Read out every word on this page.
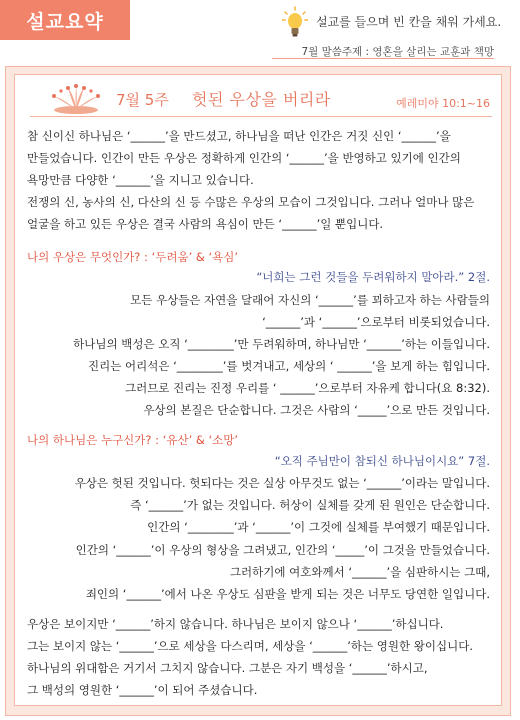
설교요약	설교를 들으며 빈 칸을 채워 가세요.
7월 말씀주제 : 영혼을 살리는 교훈과 책망
7월 5주 헛된 우상을 버리라	예레미야 10:1~16
참 신이신 하나님은 ‘______’을 만드셨고, 하나님을 떠난 인간은 거짓 신인 ‘______’을
만들었습니다. 인간이 만든 우상은 정확하게 인간의 ‘______’을 반영하고 있기에 인간의
욕망만큼 다양한 ‘______’을 지니고 있습니다.
전쟁의 신, 농사의 신, 다산의 신 등 수많은 우상의 모습이 그것입니다. 그러나 얼마나 많은
얼굴을 하고 있든 우상은 결국 사람의 욕심이 만든 ‘______’일 뿐입니다.
나의 우상은 무엇인가? : ‘두려움’ & ‘욕심’
“너희는 그런 것들을 두려워하지 말아라.” 2절.
모든 우상들은 자연을 달래어 자신의 ‘______’를 꾀하고자 하는 사람들의
‘______’과 ‘______’으로부터 비롯되었습니다.
하나님의 백성은 오직 ‘________’만 두려워하며, 하나님만 ‘______’하는 이들입니다.
진리는 어리석은 ‘________’를 벗겨내고, 세상의 ‘ ______’을 보게 하는 힘입니다.
그러므로 진리는 진정 우리를 ‘ ______’으로부터 자유케 합니다(요 8:32).
우상의 본질은 단순합니다. 그것은 사람의 ‘_____’으로 만든 것입니다.
나의 하나님은 누구신가? : ‘유산’ & ‘소망’
“오직 주님만이 참되신 하나님이시요” 7절.
우상은 헛된 것입니다. 헛되다는 것은 실상 아무것도 없는 ‘______’이라는 말입니다.
즉 ‘______’가 없는 것입니다. 허상이 실체를 갖게 된 원인은 단순합니다.
인간의 ‘________’과 ‘______’이 그것에 실체를 부여했기 때문입니다.
인간의 ‘______’이 우상의 형상을 그려냈고, 인간의 ‘_____’이 그것을 만들었습니다.
그러하기에 여호와께서 ‘______’을 심판하시는 그때,
죄인의 ‘______’에서 나온 우상도 심판을 받게 되는 것은 너무도 당연한 일입니다.
우상은 보이지만 ‘______’하지 않습니다. 하나님은 보이지 않으나 ‘______’하십니다.
그는 보이지 않는 ‘______’으로 세상을 다스리며, 세상을 ‘______’하는 영원한 왕이십니다.
하나님의 위대함은 거기서 그치지 않습니다. 그분은 자기 백성을 ‘______’하시고,
그 백성의 영원한 ‘______’이 되어 주셨습니다.
